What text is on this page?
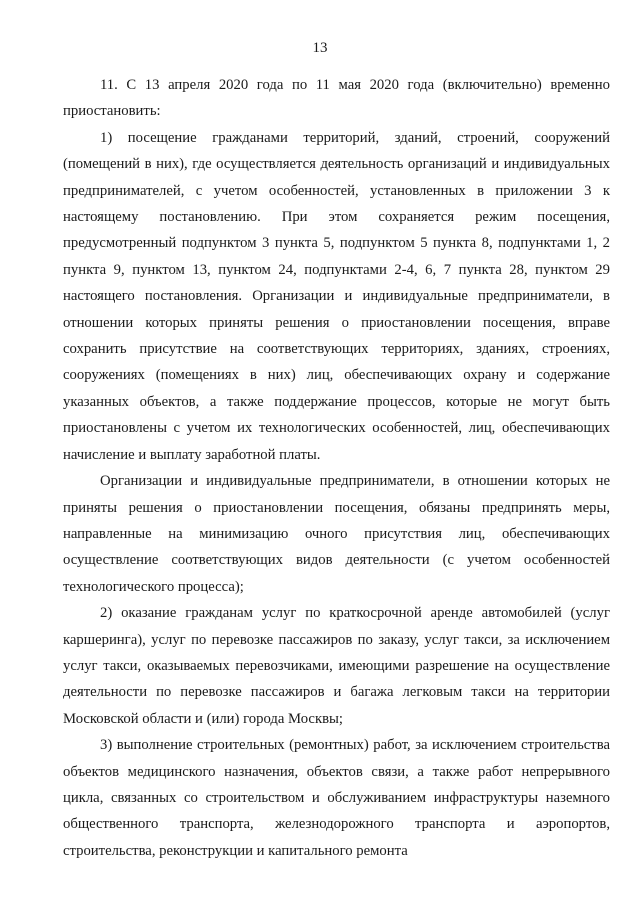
13

11. С 13 апреля 2020 года по 11 мая 2020 года (включительно) временно приостановить:

1) посещение гражданами территорий, зданий, строений, сооружений (помещений в них), где осуществляется деятельность организаций и индивидуальных предпринимателей, с учетом особенностей, установленных в приложении 3 к настоящему постановлению. При этом сохраняется режим посещения, предусмотренный подпунктом 3 пункта 5, подпунктом 5 пункта 8, подпунктами 1, 2 пункта 9, пунктом 13, пунктом 24, подпунктами 2-4, 6, 7 пункта 28, пунктом 29 настоящего постановления. Организации и индивидуальные предприниматели, в отношении которых приняты решения о приостановлении посещения, вправе сохранить присутствие на соответствующих территориях, зданиях, строениях, сооружениях (помещениях в них) лиц, обеспечивающих охрану и содержание указанных объектов, а также поддержание процессов, которые не могут быть приостановлены с учетом их технологических особенностей, лиц, обеспечивающих начисление и выплату заработной платы.

Организации и индивидуальные предприниматели, в отношении которых не приняты решения о приостановлении посещения, обязаны предпринять меры, направленные на минимизацию очного присутствия лиц, обеспечивающих осуществление соответствующих видов деятельности (с учетом особенностей технологического процесса);

2) оказание гражданам услуг по краткосрочной аренде автомобилей (услуг каршеринга), услуг по перевозке пассажиров по заказу, услуг такси, за исключением услуг такси, оказываемых перевозчиками, имеющими разрешение на осуществление деятельности по перевозке пассажиров и багажа легковым такси на территории Московской области и (или) города Москвы;

3) выполнение строительных (ремонтных) работ, за исключением строительства объектов медицинского назначения, объектов связи, а также работ непрерывного цикла, связанных со строительством и обслуживанием инфраструктуры наземного общественного транспорта, железнодорожного транспорта и аэропортов, строительства, реконструкции и капитального ремонта
